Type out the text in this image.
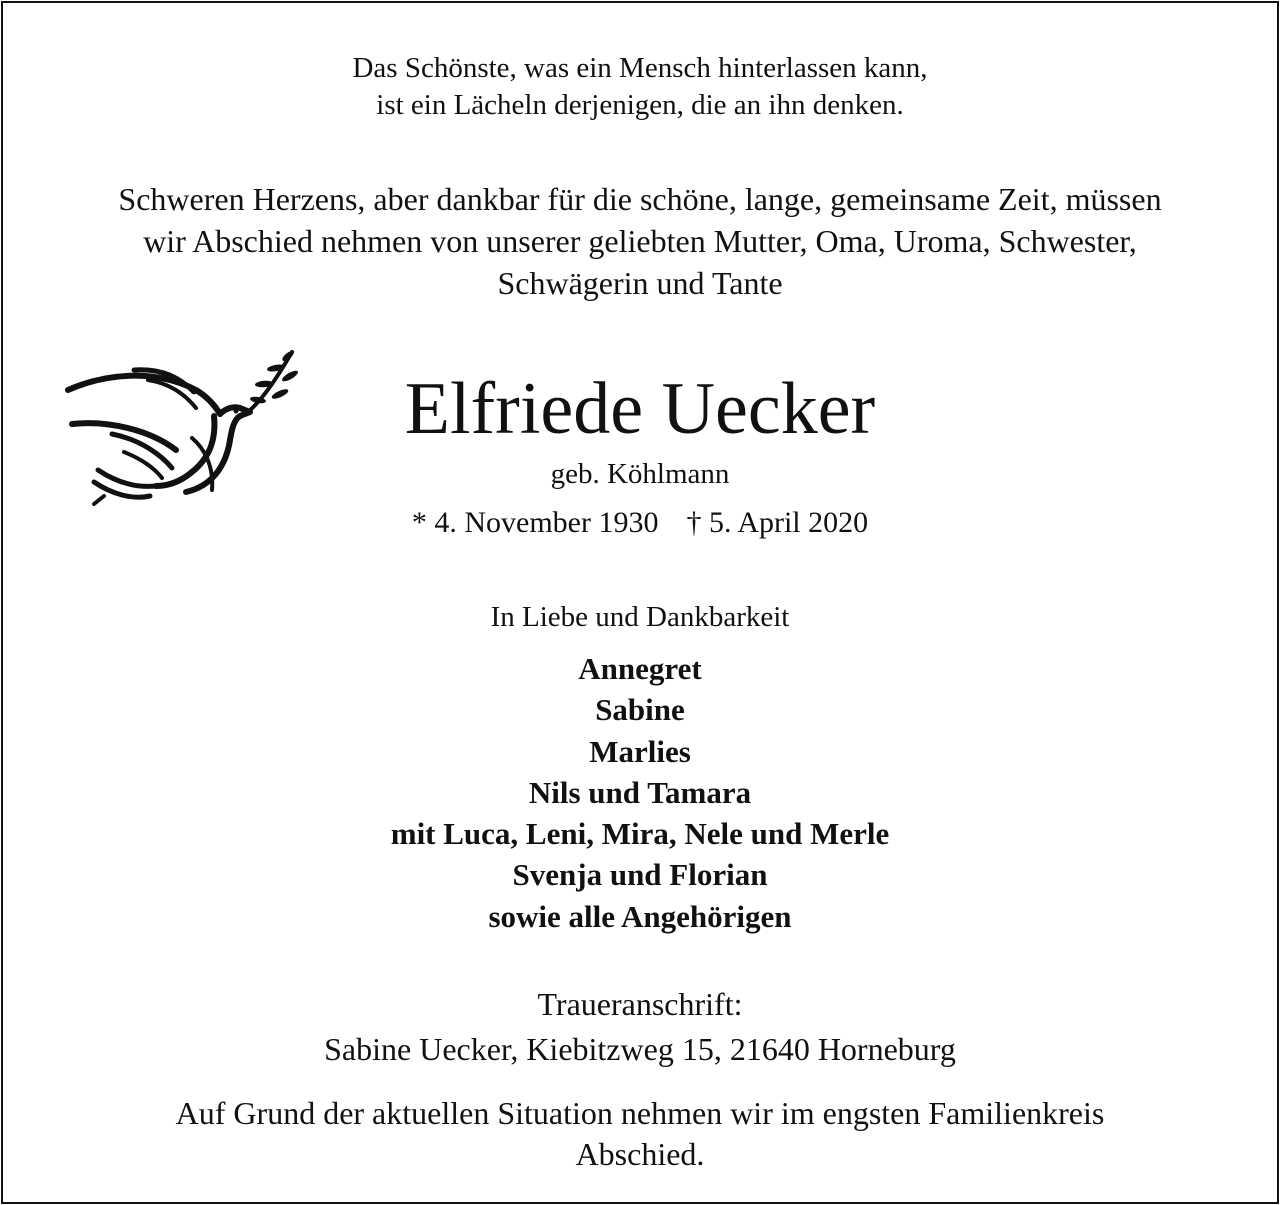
Das Schönste, was ein Mensch hinterlassen kann,
ist ein Lächeln derjenigen, die an ihn denken.
Schweren Herzens, aber dankbar für die schöne, lange, gemeinsame Zeit, müssen
wir Abschied nehmen von unserer geliebten Mutter, Oma, Uroma, Schwester,
Schwägerin und Tante
Elfriede Uecker
geb. Köhlmann
* 4. November 1930 † 5. April 2020
In Liebe und Dankbarkeit
Annegret
Sabine
Marlies
Nils und Tamara
mit Luca, Leni, Mira, Nele und Merle
Svenja und Florian
sowie alle Angehörigen
Traueranschrift:
Sabine Uecker, Kiebitzweg 15, 21640 Horneburg
Auf Grund der aktuellen Situation nehmen wir im engsten Familienkreis
Abschied.
